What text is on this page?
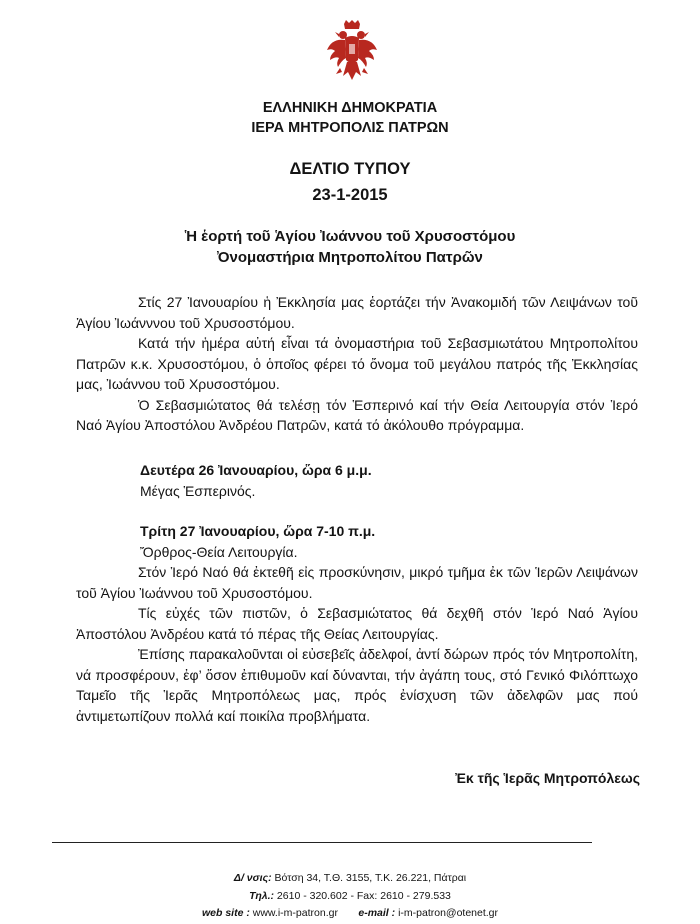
ΕΛΛΗΝΙΚΗ ΔΗΜΟΚΡΑΤΙΑ
ΙΕΡΑ ΜΗΤΡΟΠΟΛΙΣ ΠΑΤΡΩΝ
ΔΕΛΤΙΟ ΤΥΠΟΥ
23-1-2015
Ἡ ἑορτή τοῦ Ἁγίου Ἰωάννου τοῦ Χρυσοστόμου
Ὀνομαστήρια Μητροπολίτου Πατρῶν

Στίς 27 Ἰανουαρίου ἡ Ἐκκλησία μας ἑορτάζει τήν Ἀνακομιδή τῶν Λειψάνων τοῦ Ἁγίου Ἰωάνννου τοῦ Χρυσοστόμου.

Κατά τήν ἡμέρα αὐτή εἶναι τά ὀνομαστήρια τοῦ Σεβασμιωτάτου Μητροπολίτου Πατρῶν κ.κ. Χρυσοστόμου, ὁ ὁποῖος φέρει τό ὄνομα τοῦ μεγάλου πατρός τῆς Ἐκκλησίας μας, Ἰωάννου τοῦ Χρυσοστόμου.

Ὁ Σεβασμιώτατος θά τελέσῃ τόν Ἑσπερινό καί τήν Θεία Λειτουργία στόν Ἱερό Ναό Ἁγίου Ἀποστόλου Ἀνδρέου Πατρῶν, κατά τό ἀκόλουθο πρόγραμμα.

Δευτέρα 26 Ἰανουαρίου, ὥρα 6 μ.μ.
Μέγας Ἑσπερινός.
Τρίτη 27 Ἰανουαρίου, ὥρα 7-10 π.μ.
Ὄρθρος-Θεία Λειτουργία.

Στόν Ἱερό Ναό θά ἐκτεθῆ εἰς προσκύνησιν, μικρό τμῆμα ἐκ τῶν Ἱερῶν Λειψάνων τοῦ Ἁγίου Ἰωάννου τοῦ Χρυσοστόμου.

Τίς εὐχές τῶν πιστῶν, ὁ Σεβασμιώτατος θά δεχθῆ στόν Ἱερό Ναό Ἁγίου Ἀποστόλου Ἀνδρέου κατά τό πέρας τῆς Θείας Λειτουργίας.

Ἐπίσης παρακαλοῦνται οἱ εὐσεβεῖς ἀδελφοί, ἀντί δώρων πρός τόν Μητροπολίτη, νά προσφέρουν, ἐφ’ ὅσον ἐπιθυμοῦν καί δύνανται, τήν ἀγάπη τους, στό Γενικό Φιλόπτωχο Ταμεῖο τῆς Ἱερᾶς Μητροπόλεως μας, πρός ἐνίσχυση τῶν ἀδελφῶν μας πού ἀντιμετωπίζουν πολλά καί ποικίλα προβλήματα.

Ἐκ τῆς Ἱερᾶς Μητροπόλεως
Δ/ νσις: Βότση 34, Τ.Θ. 3155, Τ.Κ. 26.221, Πάτραι
Τηλ.: 2610 - 320.602 - Fax: 2610 - 279.533
web site : www.i-m-patron.gr e-mail : i-m-patron@otenet.gr
